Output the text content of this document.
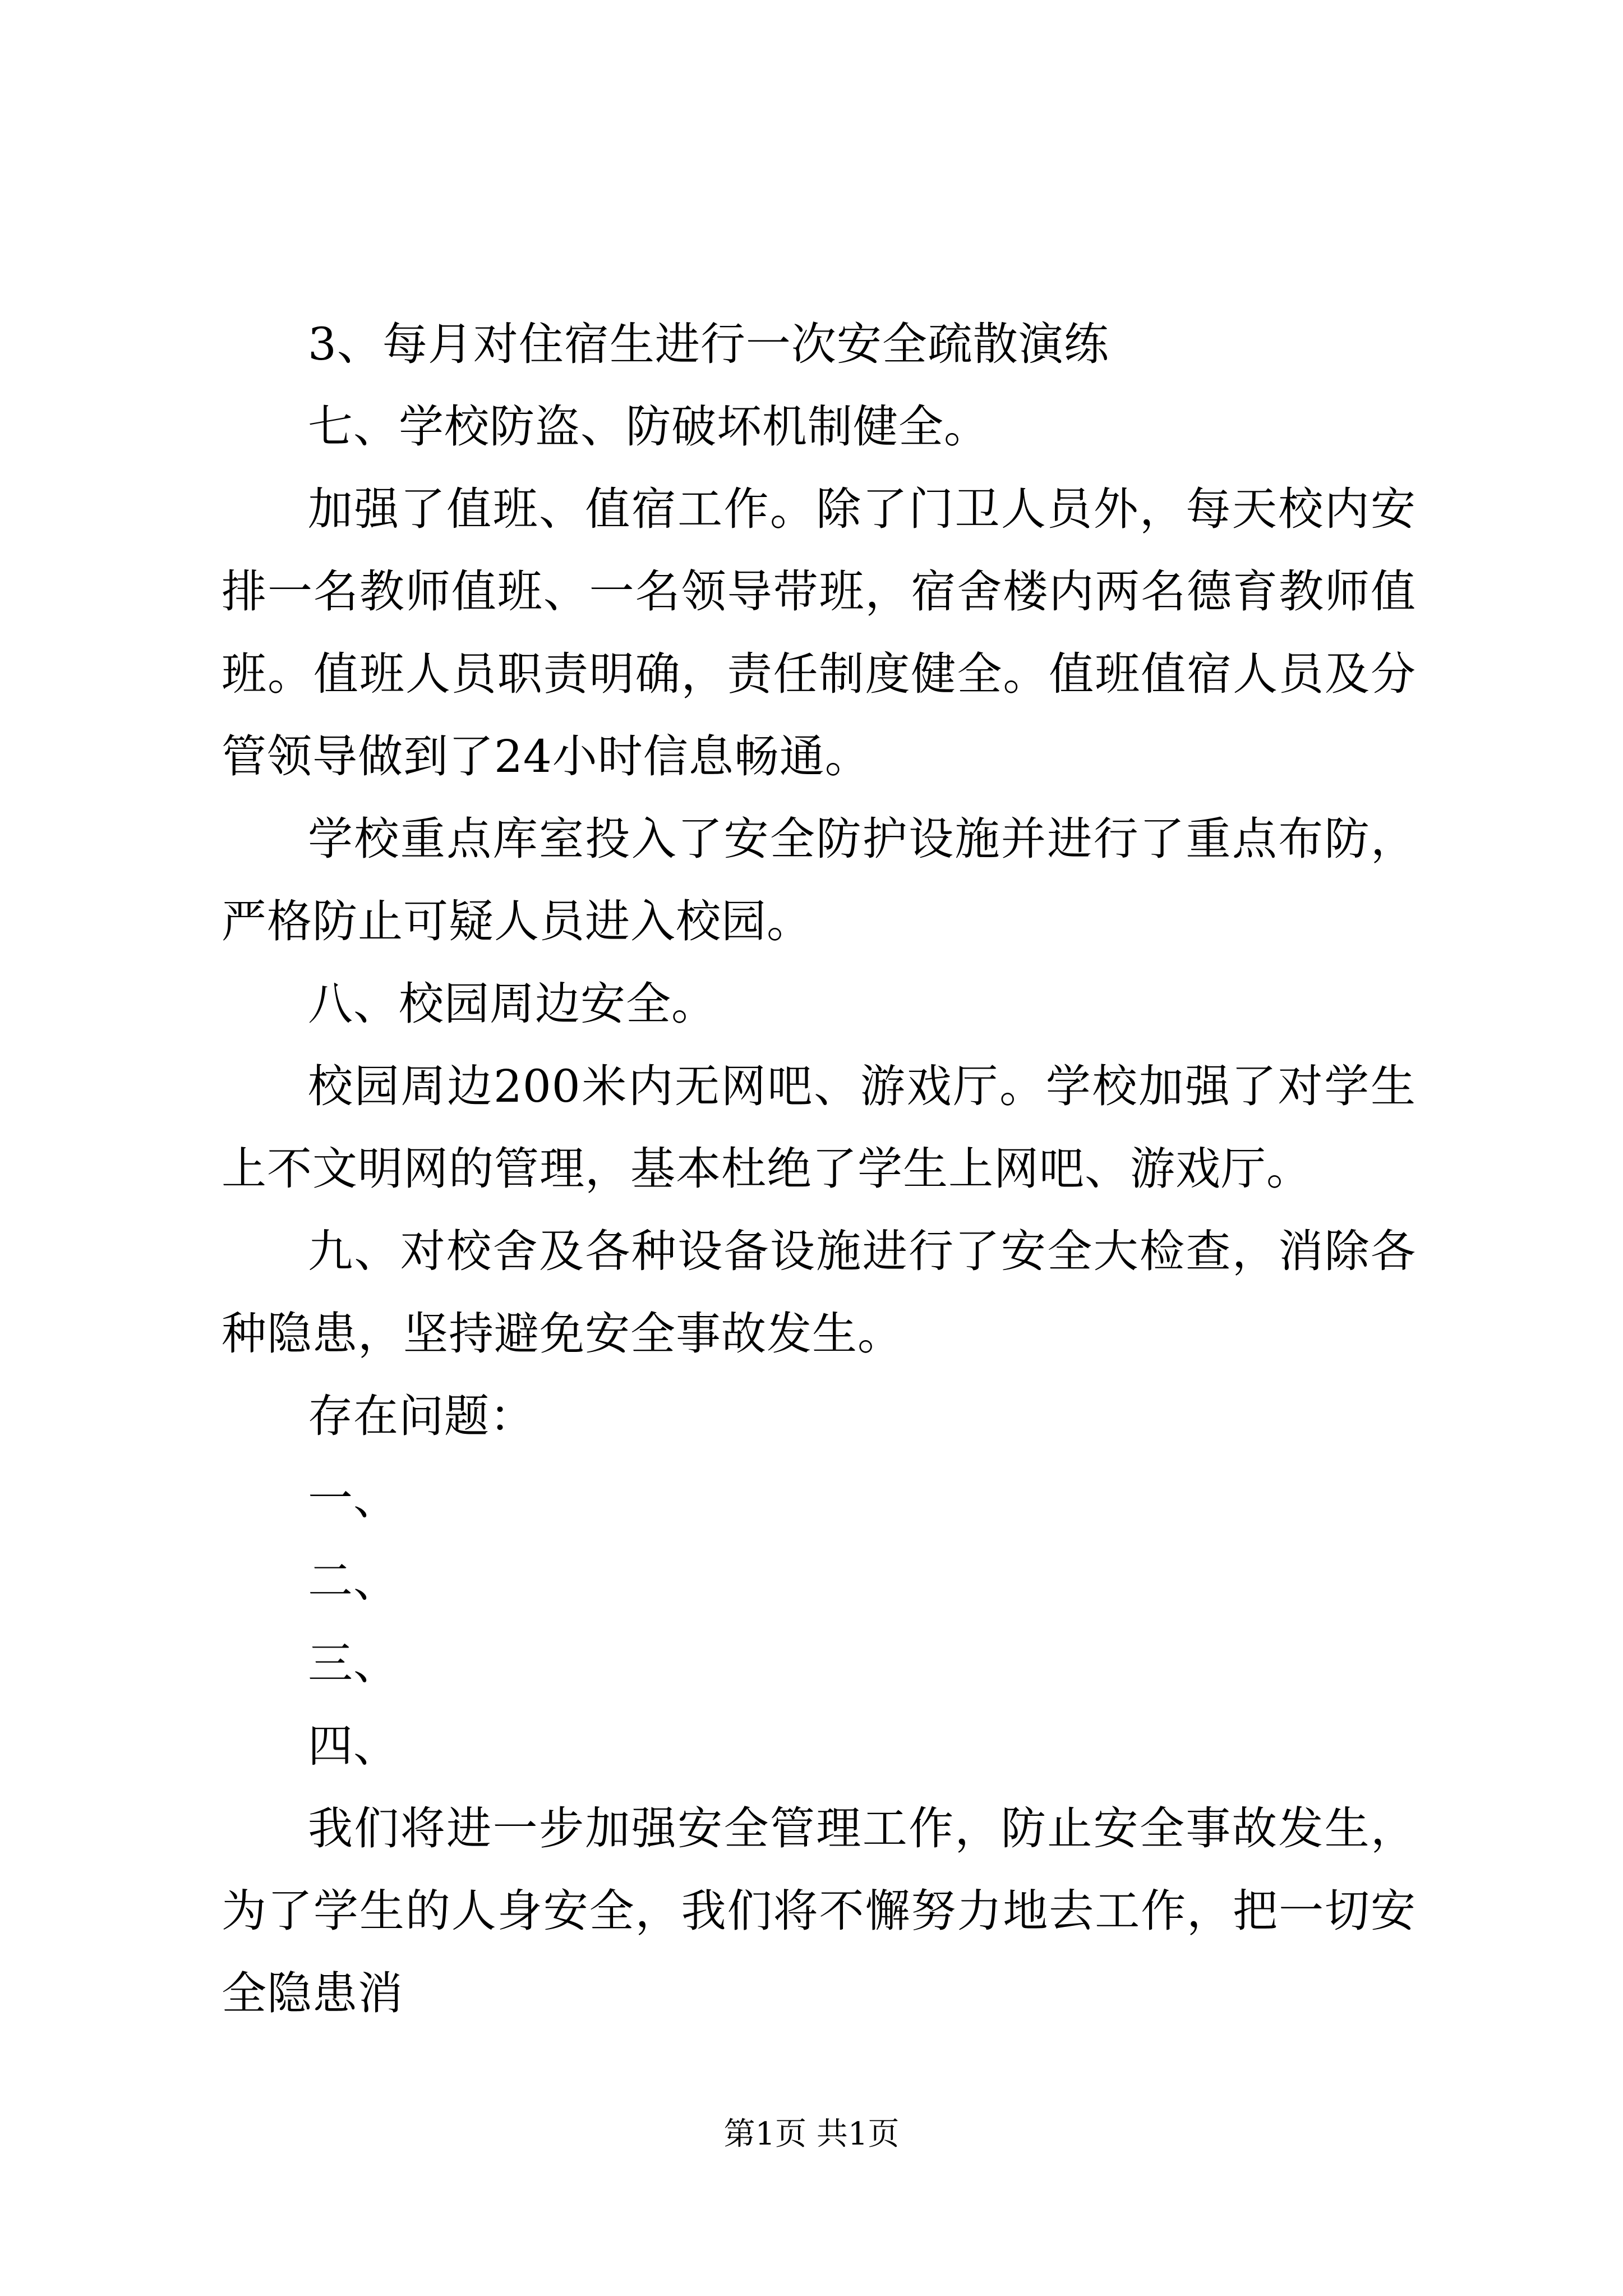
3、每月对住宿生进行一次安全疏散演练

七、学校防盗、防破坏机制健全。

加强了值班、值宿工作。除了门卫人员外，每天校内安排一名教师值班、一名领导带班，宿舍楼内两名德育教师值班。值班人员职责明确，责任制度健全。值班值宿人员及分管领导做到了24小时信息畅通。

学校重点库室投入了安全防护设施并进行了重点布防，严格防止可疑人员进入校园。

八、校园周边安全。

校园周边200米内无网吧、游戏厅。学校加强了对学生上不文明网的管理，基本杜绝了学生上网吧、游戏厅。

九、对校舍及各种设备设施进行了安全大检查，消除各种隐患，坚持避免安全事故发生。

存在问题：

一、

二、

三、

四、

我们将进一步加强安全管理工作，防止安全事故发生，为了学生的人身安全，我们将不懈努力地去工作，把一切安全隐患消

第1页 共1页
